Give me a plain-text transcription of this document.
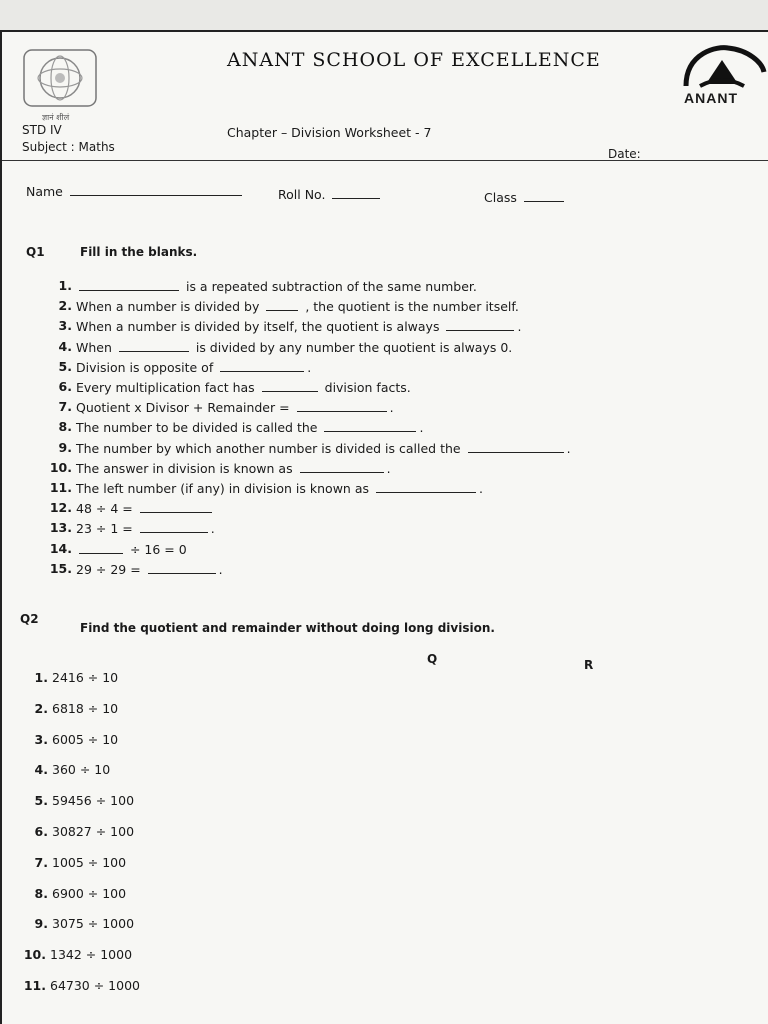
ज्ञानं शीलं
ANANT SCHOOL OF EXCELLENCE
ANANT
STD IV
Subject : Maths
Chapter – Division Worksheet - 7
Date:
Name	Roll No.	Class
Q1	Fill in the blanks.
1.	is a repeated subtraction of the same number.
2. When a number is divided by	, the quotient is the number itself.
3. When a number is divided by itself, the quotient is always	.
4. When	is divided by any number the quotient is always 0.
5. Division is opposite of	.
6. Every multiplication fact has	division facts.
7. Quotient x Divisor + Remainder =	.
8. The number to be divided is called the	.
9. The number by which another number is divided is called the	.
10. The answer in division is known as	.
11. The left number (if any) in division is known as	.
12. 48 ÷ 4 =
13. 23 ÷ 1 =	.
14.	÷ 16 = 0
15. 29 ÷ 29 =	.
Q2
Find the quotient and remainder without doing long division.
Q	R
1. 2416 ÷ 10
2. 6818 ÷ 10
3. 6005 ÷ 10
4. 360 ÷ 10
5. 59456 ÷ 100
6. 30827 ÷ 100
7. 1005 ÷ 100
8. 6900 ÷ 100
9. 3075 ÷ 1000
10. 1342 ÷ 1000
11. 64730 ÷ 1000
